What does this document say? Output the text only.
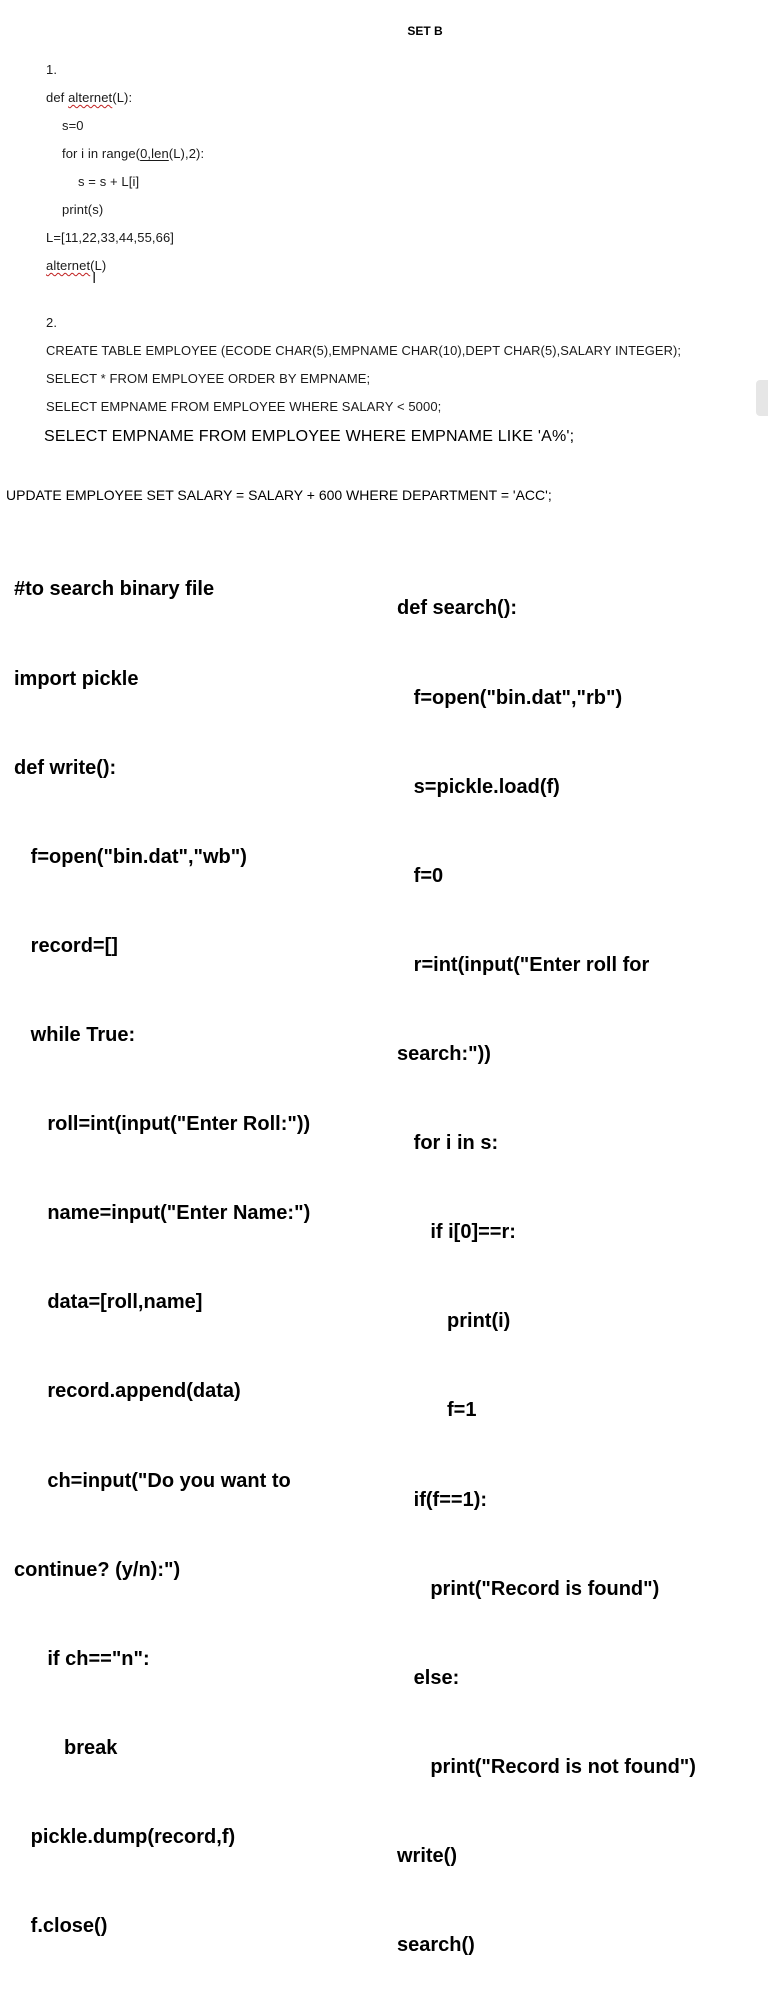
SET B
1.
def alternet(L):
s=0
for i in range(0,len(L),2):
s = s + L[i]
print(s)
L=[11,22,33,44,55,66]
alternet(L)
I
2.
CREATE TABLE EMPLOYEE (ECODE CHAR(5),EMPNAME CHAR(10),DEPT CHAR(5),SALARY INTEGER);
SELECT * FROM EMPLOYEE ORDER BY EMPNAME;
SELECT EMPNAME FROM EMPLOYEE WHERE SALARY < 5000;
SELECT EMPNAME FROM EMPLOYEE WHERE EMPNAME LIKE 'A%';
UPDATE EMPLOYEE SET SALARY = SALARY + 600 WHERE DEPARTMENT = 'ACC';

#to search binary file

import pickle

def write():

f=open("bin.dat","wb")

record=[]

while True:

roll=int(input("Enter Roll:"))

name=input("Enter Name:")

data=[roll,name]

record.append(data)

ch=input("Do you want to

continue? (y/n):")

if ch=="n":

break

pickle.dump(record,f)

f.close()

def search():

f=open("bin.dat","rb")

s=pickle.load(f)

f=0

r=int(input("Enter roll for

search:"))

for i in s:

if i[0]==r:

print(i)

f=1

if(f==1):

print("Record is found")

else:

print("Record is not found")

write()

search()
